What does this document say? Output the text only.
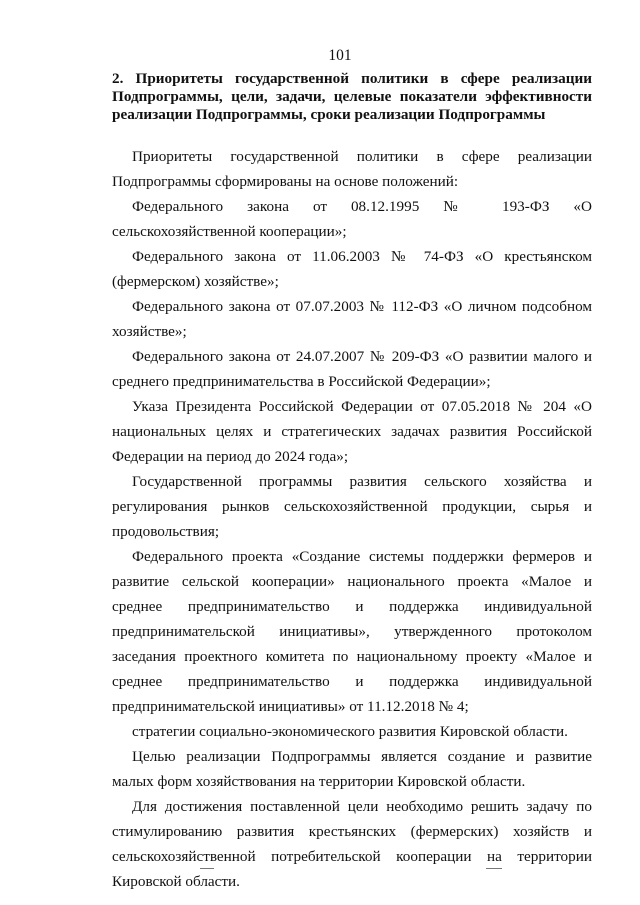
101
2. Приоритеты государственной политики в сфере реализации Подпрограммы, цели, задачи, целевые показатели эффективности реализации Подпрограммы, сроки реализации Подпрограммы

Приоритеты государственной политики в сфере реализации Подпрограммы сформированы на основе положений:

Федерального закона от 08.12.1995 № 193-ФЗ «О сельскохозяйственной кооперации»;

Федерального закона от 11.06.2003 № 74-ФЗ «О крестьянском (фермерском) хозяйстве»;

Федерального закона от 07.07.2003 № 112-ФЗ «О личном подсобном хозяйстве»;

Федерального закона от 24.07.2007 № 209-ФЗ «О развитии малого и среднего предпринимательства в Российской Федерации»;

Указа Президента Российской Федерации от 07.05.2018 № 204 «О национальных целях и стратегических задачах развития Российской Федерации на период до 2024 года»;

Государственной программы развития сельского хозяйства и регулирования рынков сельскохозяйственной продукции, сырья и продовольствия;

Федерального проекта «Создание системы поддержки фермеров и развитие сельской кооперации» национального проекта «Малое и среднее предпринимательство и поддержка индивидуальной предпринимательской инициативы», утвержденного протоколом заседания проектного комитета по национальному проекту «Малое и среднее предпринимательство и поддержка индивидуальной предпринимательской инициативы» от 11.12.2018 № 4;

стратегии социально-экономического развития Кировской области.

Целью реализации Подпрограммы является создание и развитие малых форм хозяйствования на территории Кировской области.

Для достижения поставленной цели необходимо решить задачу по стимулированию развития крестьянских (фермерских) хозяйств и сельскохозяйственной потребительской кооперации на территории Кировской области.
